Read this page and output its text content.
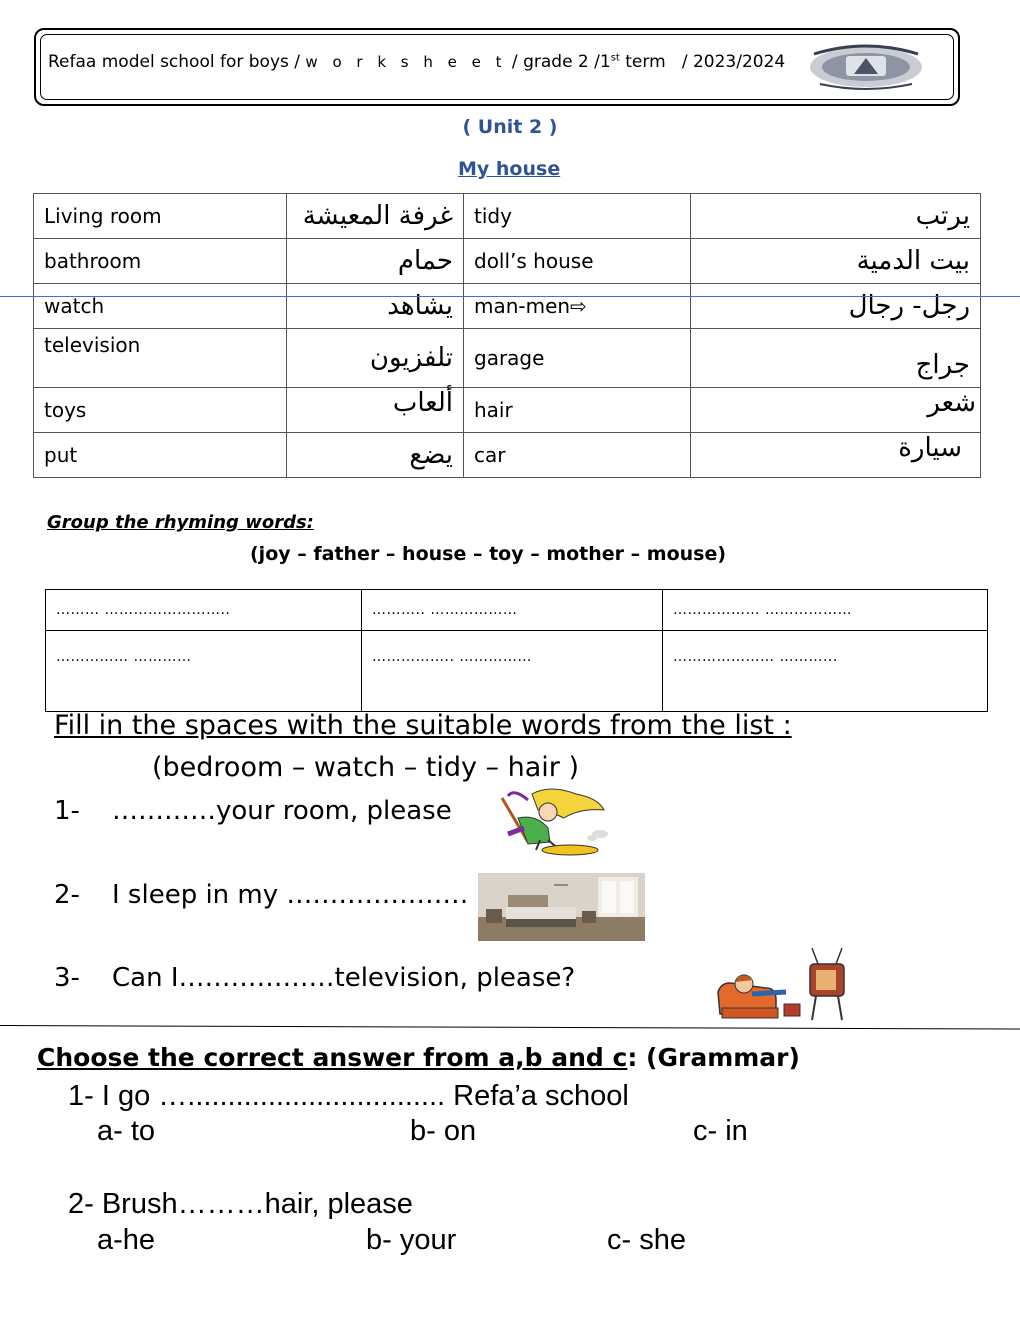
Refaa model school for boys / w o r k s h e e t / grade 2 /1st term   / 2023/2024
( Unit 2 )
My house
Living room	غرفة المعيشة	tidy	يرتب
bathroom	حمام	doll’s house	بيت الدمية
watch	يشاهد	man-men⇨	رجل- رجال
television	تلفزيون	garage	جراج
toys	ألعاب	hair	شعر
put	يضع	car	سيارة
Group the rhyming words:
(joy – father – house – toy – mother – mouse)
……… ……………………..	……….. ………………	……………… ………………
…………… …………	…………….. ……………	………………… ………...
Fill in the spaces with the suitable words from the list :
(bedroom – watch – tidy – hair )
1- …………your room, please
2- I sleep in my …………………
3- Can I………………television, please?
Choose the correct answer from a,b and c: (Grammar)
1- I go …................................ Refa’a school
a- to	b- on	c- in
2- Brush………hair, please
a-he	b- your	c- she
